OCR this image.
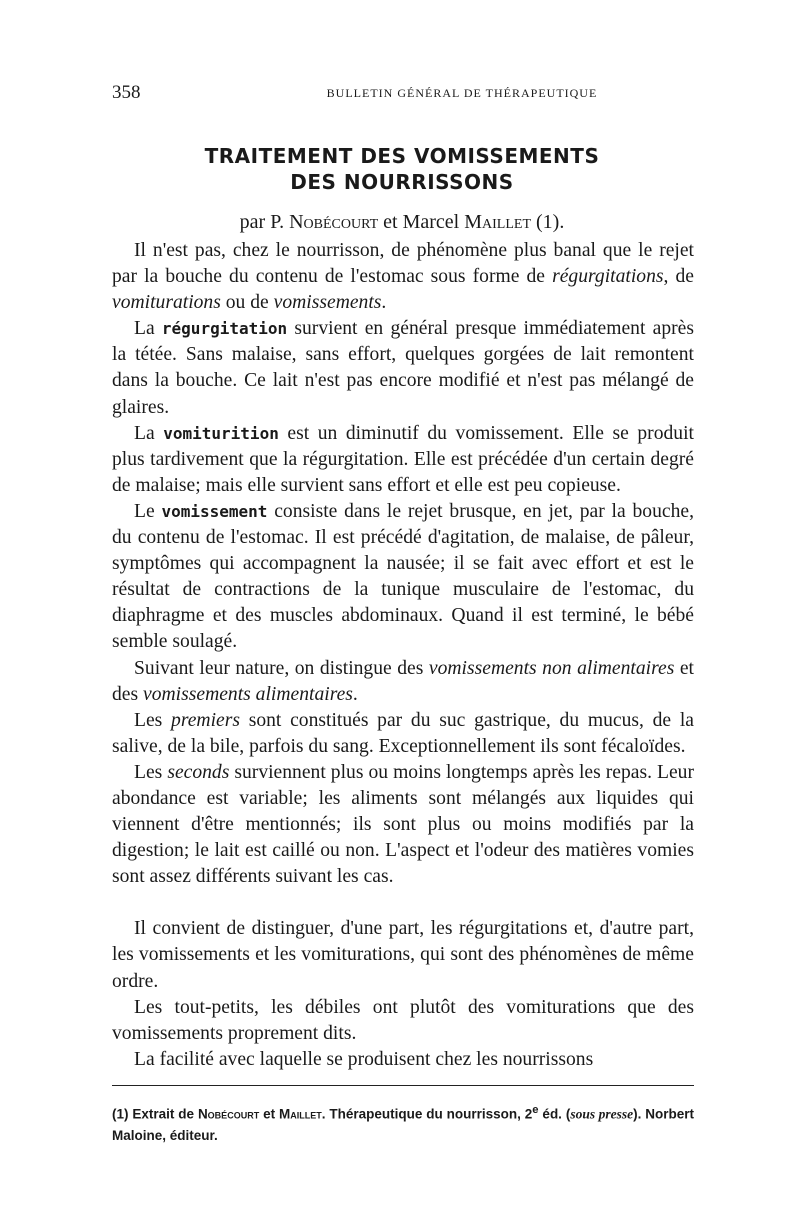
358	BULLETIN GÉNÉRAL DE THÉRAPEUTIQUE
TRAITEMENT DES VOMISSEMENTS
DES NOURRISSONS
par P. Nobécourt et Marcel Maillet (1).

Il n'est pas, chez le nourrisson, de phénomène plus banal que le rejet par la bouche du contenu de l'estomac sous forme de régurgitations, de vomiturations ou de vomissements.

La régurgitation survient en général presque immédiatement après la tétée. Sans malaise, sans effort, quelques gorgées de lait remontent dans la bouche. Ce lait n'est pas encore modifié et n'est pas mélangé de glaires.

La vomiturition est un diminutif du vomissement. Elle se produit plus tardivement que la régurgitation. Elle est précédée d'un certain degré de malaise; mais elle survient sans effort et elle est peu copieuse.

Le vomissement consiste dans le rejet brusque, en jet, par la bouche, du contenu de l'estomac. Il est précédé d'agitation, de malaise, de pâleur, symptômes qui accompagnent la nausée; il se fait avec effort et est le résultat de contractions de la tunique musculaire de l'estomac, du diaphragme et des muscles abdominaux. Quand il est terminé, le bébé semble soulagé.

Suivant leur nature, on distingue des vomissements non alimentaires et des vomissements alimentaires.

Les premiers sont constitués par du suc gastrique, du mucus, de la salive, de la bile, parfois du sang. Exceptionnellement ils sont fécaloïdes.

Les seconds surviennent plus ou moins longtemps après les repas. Leur abondance est variable; les aliments sont mélangés aux liquides qui viennent d'être mentionnés; ils sont plus ou moins modifiés par la digestion; le lait est caillé ou non. L'aspect et l'odeur des matières vomies sont assez différents suivant les cas.

Il convient de distinguer, d'une part, les régurgitations et, d'autre part, les vomissements et les vomiturations, qui sont des phénomènes de même ordre.

Les tout-petits, les débiles ont plutôt des vomiturations que des vomissements proprement dits.

La facilité avec laquelle se produisent chez les nourrissons

(1) Extrait de Nobécourt et Maillet. Thérapeutique du nourrisson, 2e éd. (sous presse). Norbert Maloine, éditeur.
